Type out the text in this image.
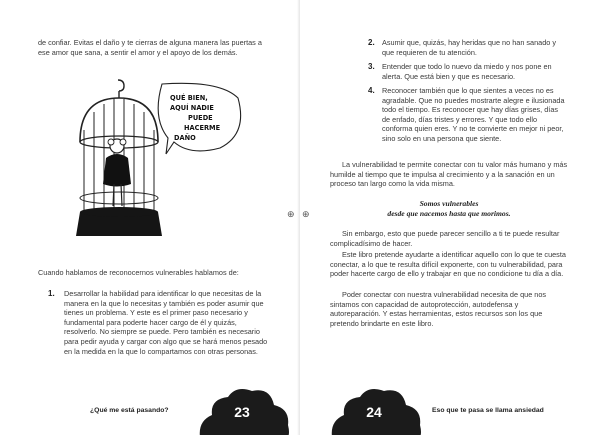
de confiar. Evitas el daño y te cierras de alguna manera las puertas a ese amor que sana, a sentir el amor y el apoyo de los demás.

QUÉ BIEN,
AQUÍ NADIE
PUEDE
HACERME
DAÑO

Cuando hablamos de reconocernos vulnerables hablamos de:

1. Desarrollar la habilidad para identificar lo que necesitas de la manera en la que lo necesitas y también es poder asumir que tienes un problema. Y este es el primer paso necesario y fundamental para poderte hacer cargo de él y quizás, resolverlo. No siempre se puede. Pero también es necesario para pedir ayuda y cargar con algo que se hará menos pesado en la medida en la que lo compartamos con otras personas.

¿Qué me está pasando?	23
⊕ ⊕
2. Asumir que, quizás, hay heridas que no han sanado y que requieren de tu atención.

3. Entender que todo lo nuevo da miedo y nos pone en alerta. Que está bien y que es necesario.

4. Reconocer también que lo que sientes a veces no es agradable. Que no puedes mostrarte alegre e ilusionada todo el tiempo. Es reconocer que hay días grises, días de enfado, días tristes y errores. Y que todo ello conforma quien eres. Y no te convierte en mejor ni peor, sino solo en una persona que siente.

La vulnerabilidad te permite conectar con tu valor más humano y más humilde al tiempo que te impulsa al crecimiento y a la sanación en un proceso tan largo como la vida misma.

Somos vulnerables
desde que nacemos hasta que morimos.

Sin embargo, esto que puede parecer sencillo a ti te puede resultar complicadísimo de hacer.

Este libro pretende ayudarte a identificar aquello con lo que te cuesta conectar, a lo que te resulta difícil exponerte, con tu vulnerabilidad, para poder hacerte cargo de ello y trabajar en que no condicione tu día a día.

Poder conectar con nuestra vulnerabilidad necesita de que nos sintamos con capacidad de autoprotección, autodefensa y autoreparación. Y estas herramientas, estos recursos son los que pretendo brindarte en este libro.

24	Eso que te pasa se llama ansiedad
